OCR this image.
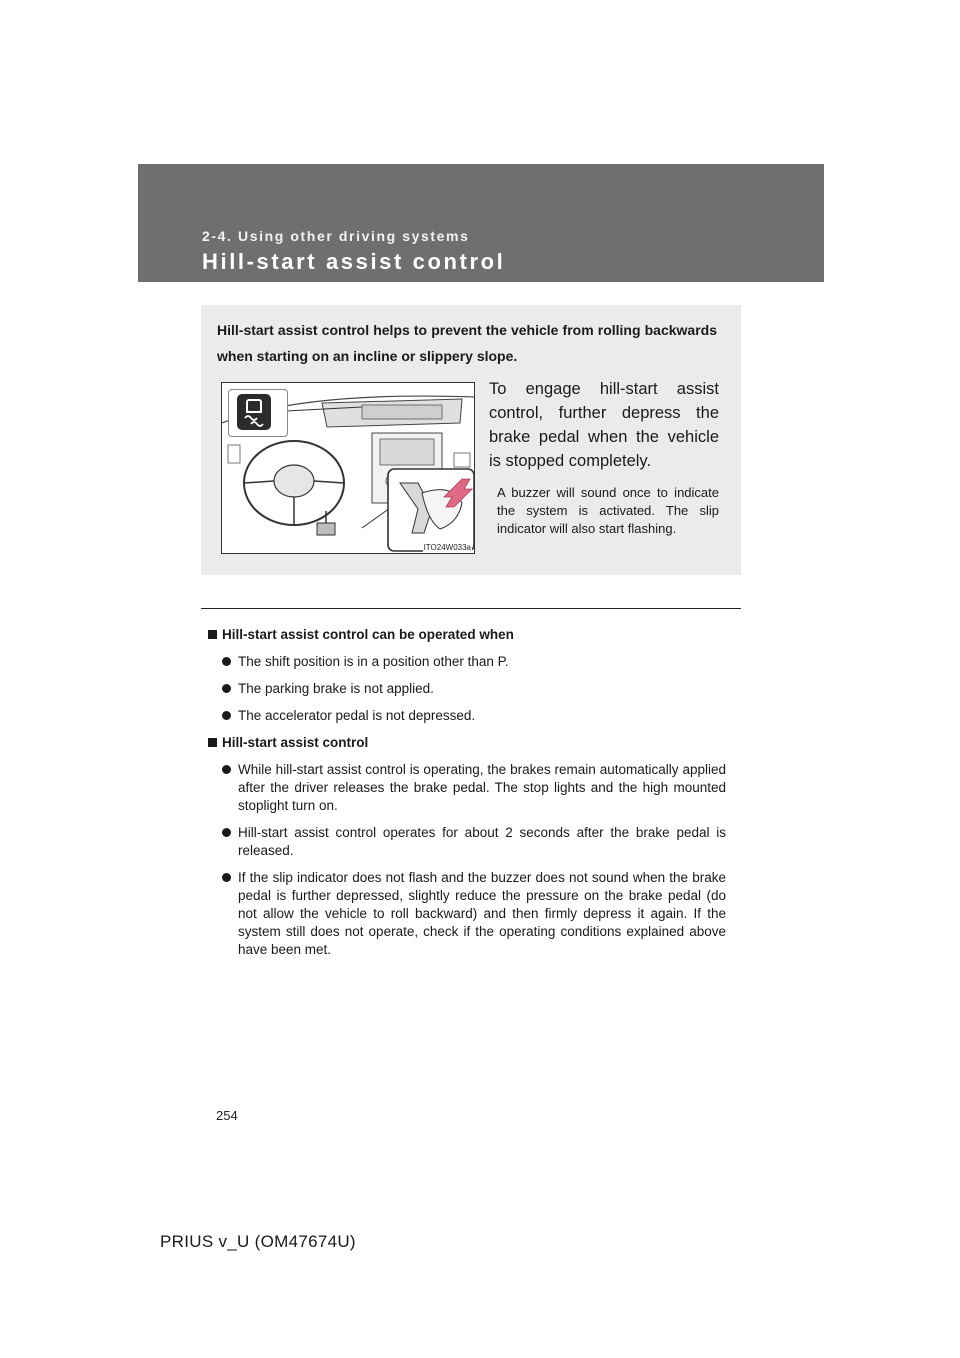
2-4. Using other driving systems
Hill-start assist control

Hill-start assist control helps to prevent the vehicle from rolling backwards when starting on an incline or slippery slope.

ITO24W033a

To engage hill-start assist control, further depress the brake pedal when the vehicle is stopped completely.

A buzzer will sound once to indicate the system is activated. The slip indicator will also start flashing.

Hill-start assist control can be operated when
The shift position is in a position other than P.
The parking brake is not applied.
The accelerator pedal is not depressed.
Hill-start assist control
While hill-start assist control is operating, the brakes remain automatically applied after the driver releases the brake pedal. The stop lights and the high mounted stoplight turn on.
Hill-start assist control operates for about 2 seconds after the brake pedal is released.
If the slip indicator does not flash and the buzzer does not sound when the brake pedal is further depressed, slightly reduce the pressure on the brake pedal (do not allow the vehicle to roll backward) and then firmly depress it again. If the system still does not operate, check if the operating conditions explained above have been met.
254
PRIUS v_U (OM47674U)
